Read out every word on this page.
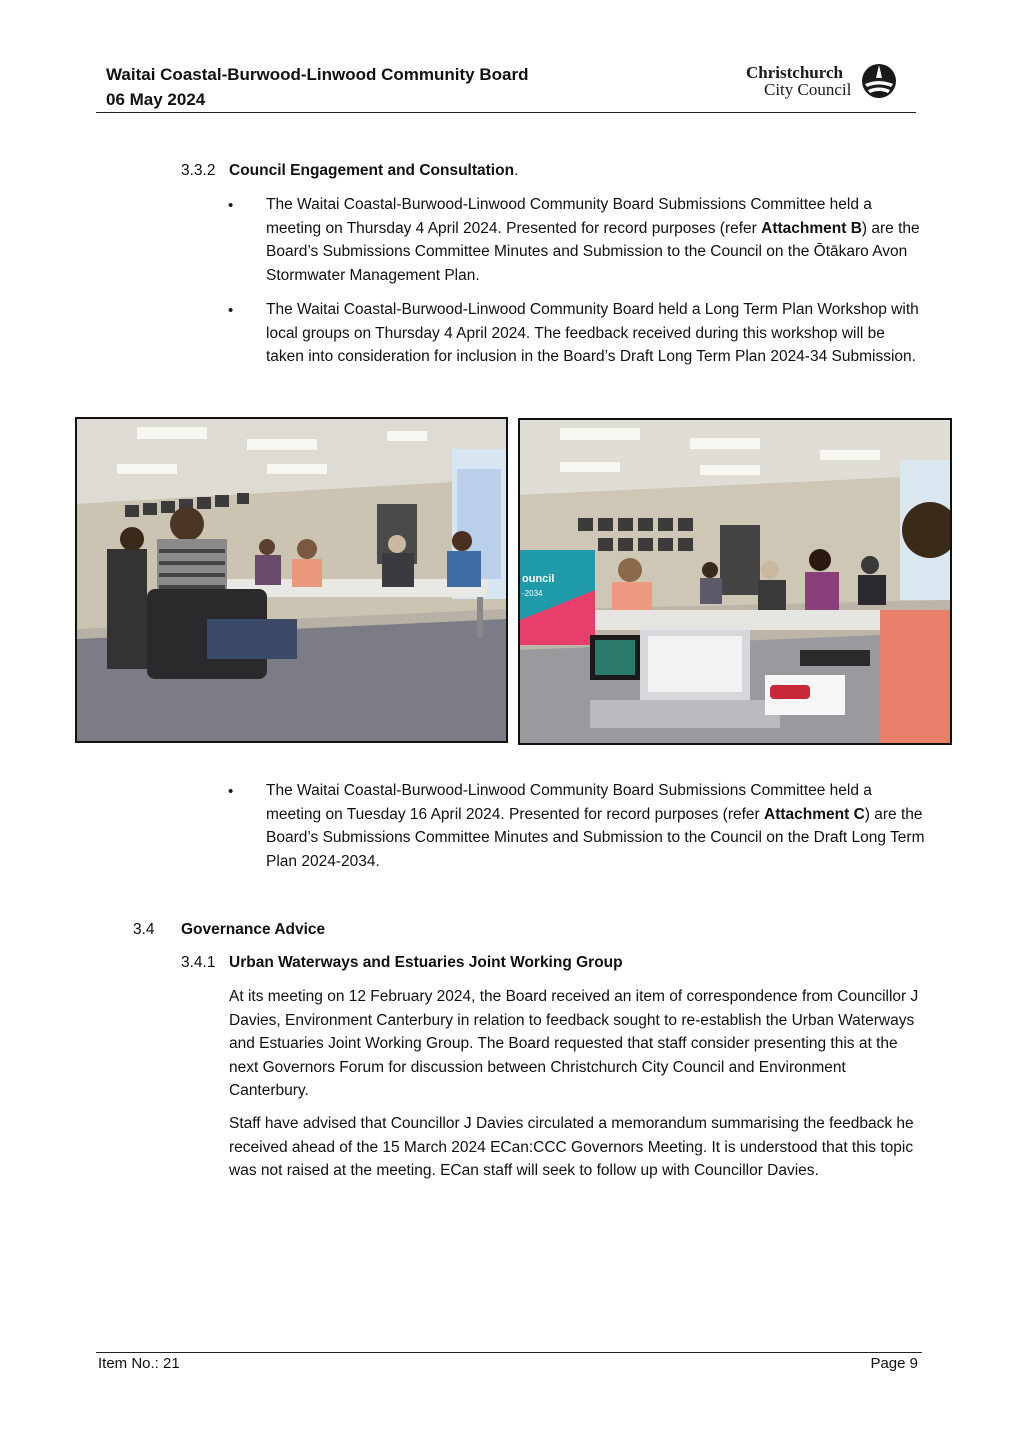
Waitai Coastal-Burwood-Linwood Community Board
06 May 2024
Christchurch
City Council
3.3.2 Council Engagement and Consultation.
• The Waitai Coastal-Burwood-Linwood Community Board Submissions Committee held a meeting on Thursday 4 April 2024. Presented for record purposes (refer Attachment B) are the Board’s Submissions Committee Minutes and Submission to the Council on the Ōtākaro Avon Stormwater Management Plan.

• The Waitai Coastal-Burwood-Linwood Community Board held a Long Term Plan Workshop with local groups on Thursday 4 April 2024. The feedback received during this workshop will be taken into consideration for inclusion in the Board’s Draft Long Term Plan 2024-34 Submission.

ouncil
-2034
• The Waitai Coastal-Burwood-Linwood Community Board Submissions Committee held a meeting on Tuesday 16 April 2024. Presented for record purposes (refer Attachment C) are the Board’s Submissions Committee Minutes and Submission to the Council on the Draft Long Term Plan 2024-2034.

3.4 Governance Advice
3.4.1 Urban Waterways and Estuaries Joint Working Group

At its meeting on 12 February 2024, the Board received an item of correspondence from Councillor J Davies, Environment Canterbury in relation to feedback sought to re-establish the Urban Waterways and Estuaries Joint Working Group. The Board requested that staff consider presenting this at the next Governors Forum for discussion between Christchurch City Council and Environment Canterbury.

Staff have advised that Councillor J Davies circulated a memorandum summarising the feedback he received ahead of the 15 March 2024 ECan:CCC Governors Meeting. It is understood that this topic was not raised at the meeting. ECan staff will seek to follow up with Councillor Davies.

Item No.: 21	Page 9
